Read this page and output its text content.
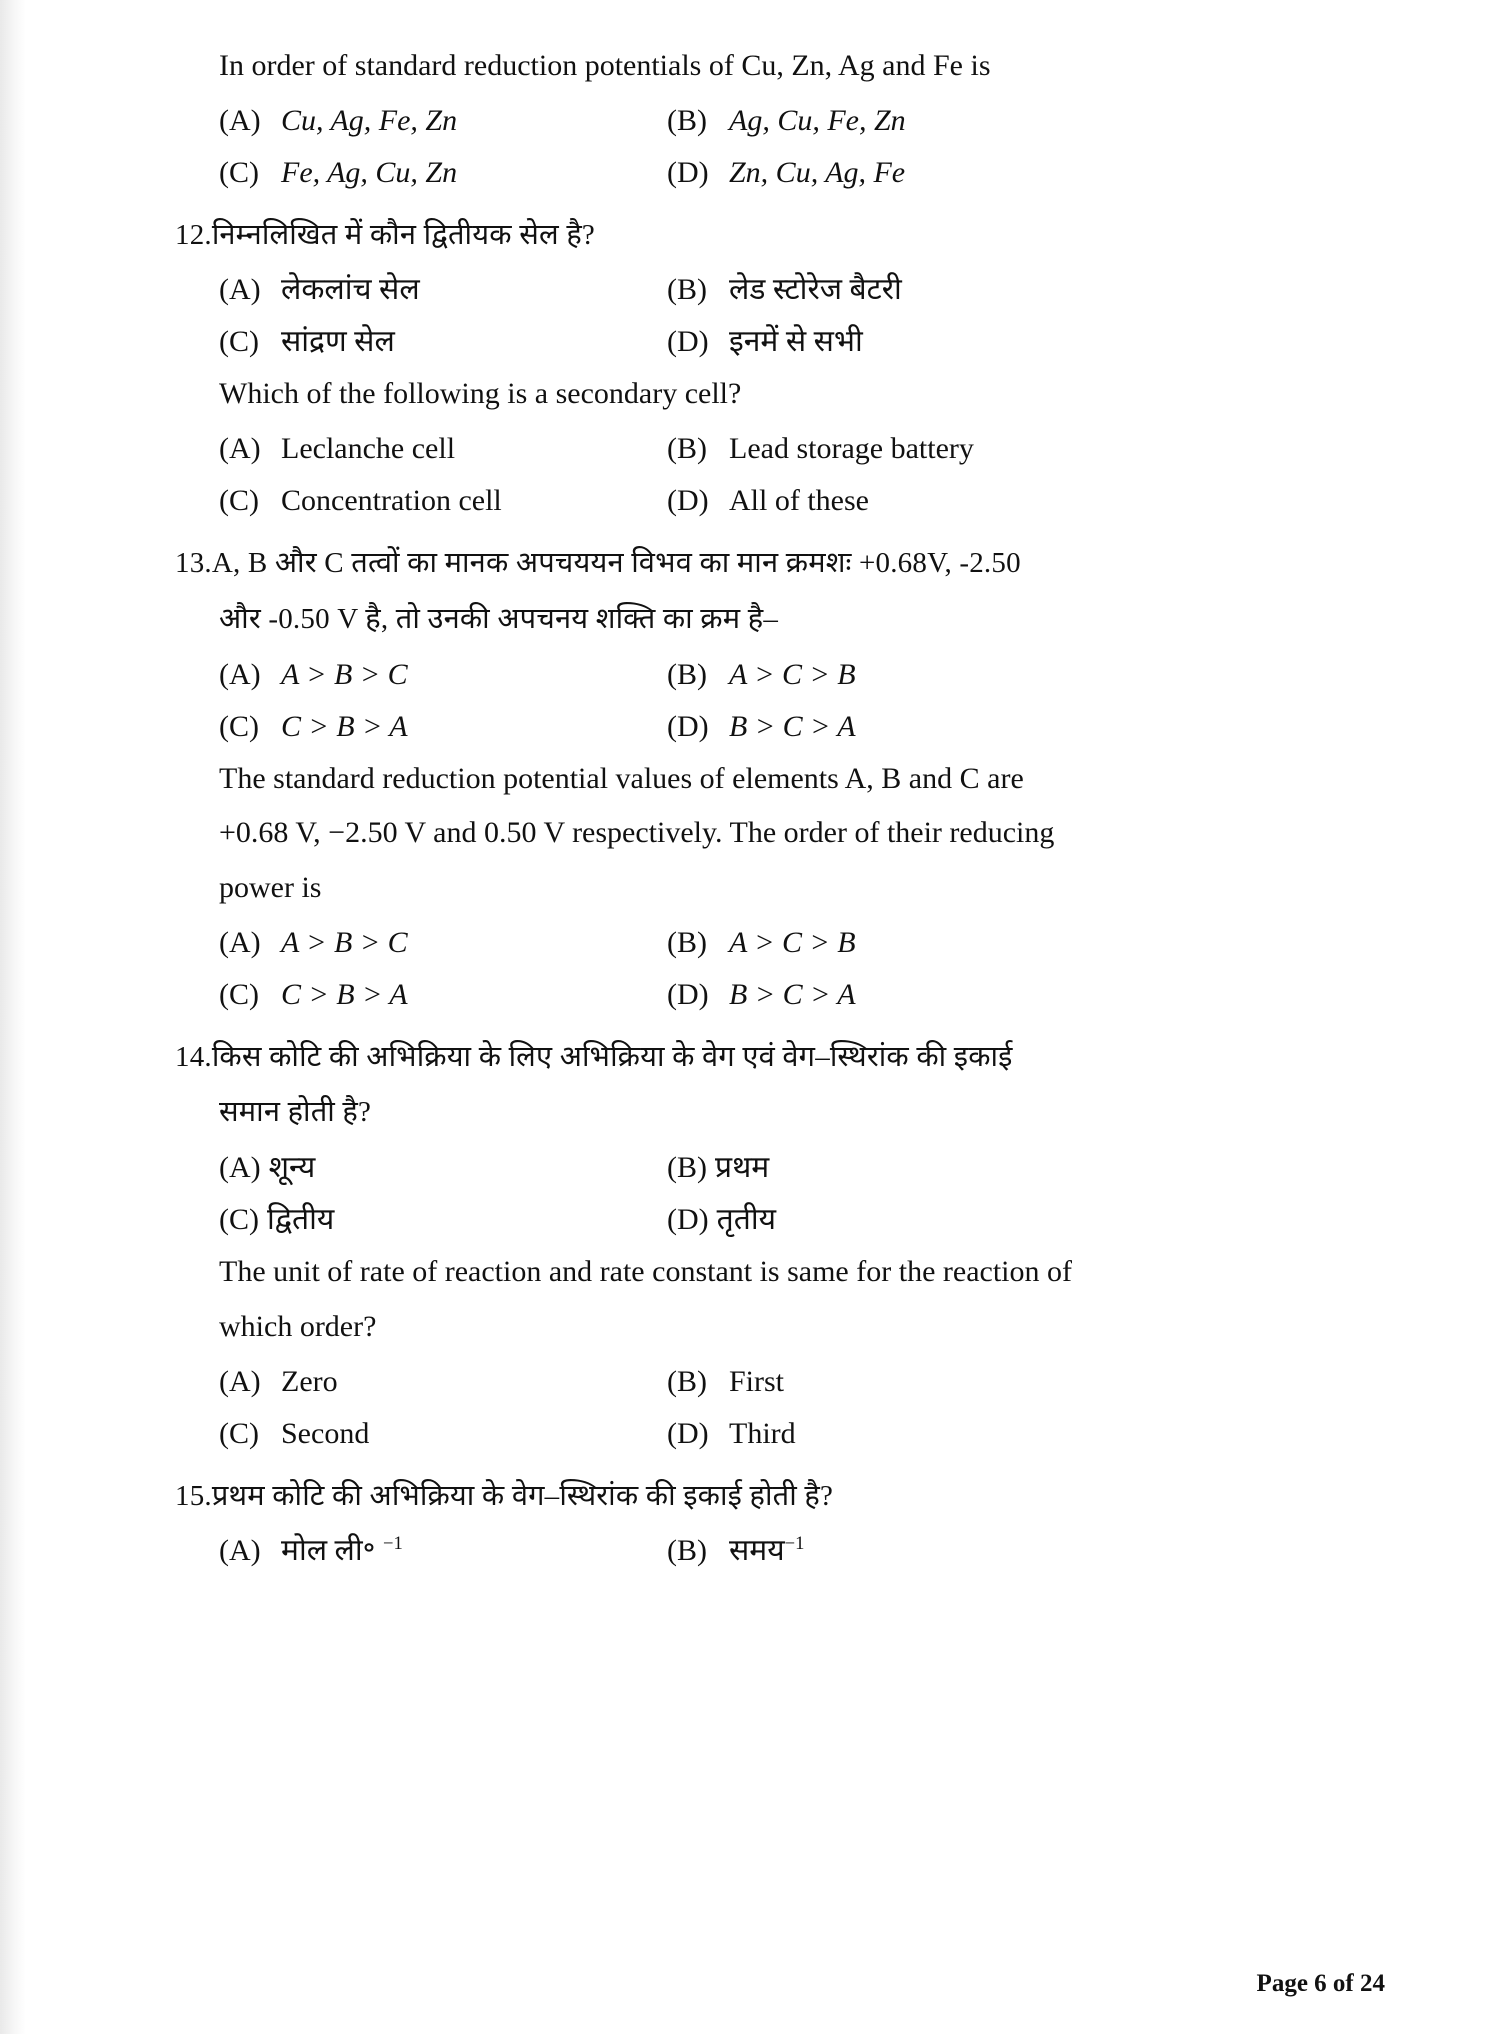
In order of standard reduction potentials of Cu, Zn, Ag and Fe is

(A) Cu, Ag, Fe, Zn	(B) Ag, Cu, Fe, Zn
(C) Fe, Ag, Cu, Zn	(D) Zn, Cu, Ag, Fe

12.निम्नलिखित में कौन द्वितीयक सेल है?

(A) लेकलांच सेल	(B) लेड स्टोरेज बैटरी
(C) सांद्रण सेल	(D) इनमें से सभी

Which of the following is a secondary cell?

(A) Leclanche cell	(B) Lead storage battery
(C) Concentration cell	(D) All of these

13.A, B और C तत्वों का मानक अपचययन विभव का मान क्रमशः +0.68V, -2.50

और -0.50 V है, तो उनकी अपचनय शक्ति का क्रम है–

(A) A > B > C	(B) A > C > B
(C) C > B > A	(D) B > C > A

The standard reduction potential values of elements A, B and C are

+0.68 V, −2.50 V and 0.50 V respectively. The order of their reducing

power is

(A) A > B > C	(B) A > C > B
(C) C > B > A	(D) B > C > A

14.किस कोटि की अभिक्रिया के लिए अभिक्रिया के वेग एवं वेग–स्थिरांक की इकाई

समान होती है?

(A) शून्य	(B) प्रथम
(C) द्वितीय	(D) तृतीय

The unit of rate of reaction and rate constant is same for the reaction of

which order?

(A) Zero	(B) First
(C) Second	(D) Third

15.प्रथम कोटि की अभिक्रिया के वेग–स्थिरांक की इकाई होती है?

(A) मोल ली॰ $^{-1}$	(B) समय$^{-1}$
Page 6 of 24
